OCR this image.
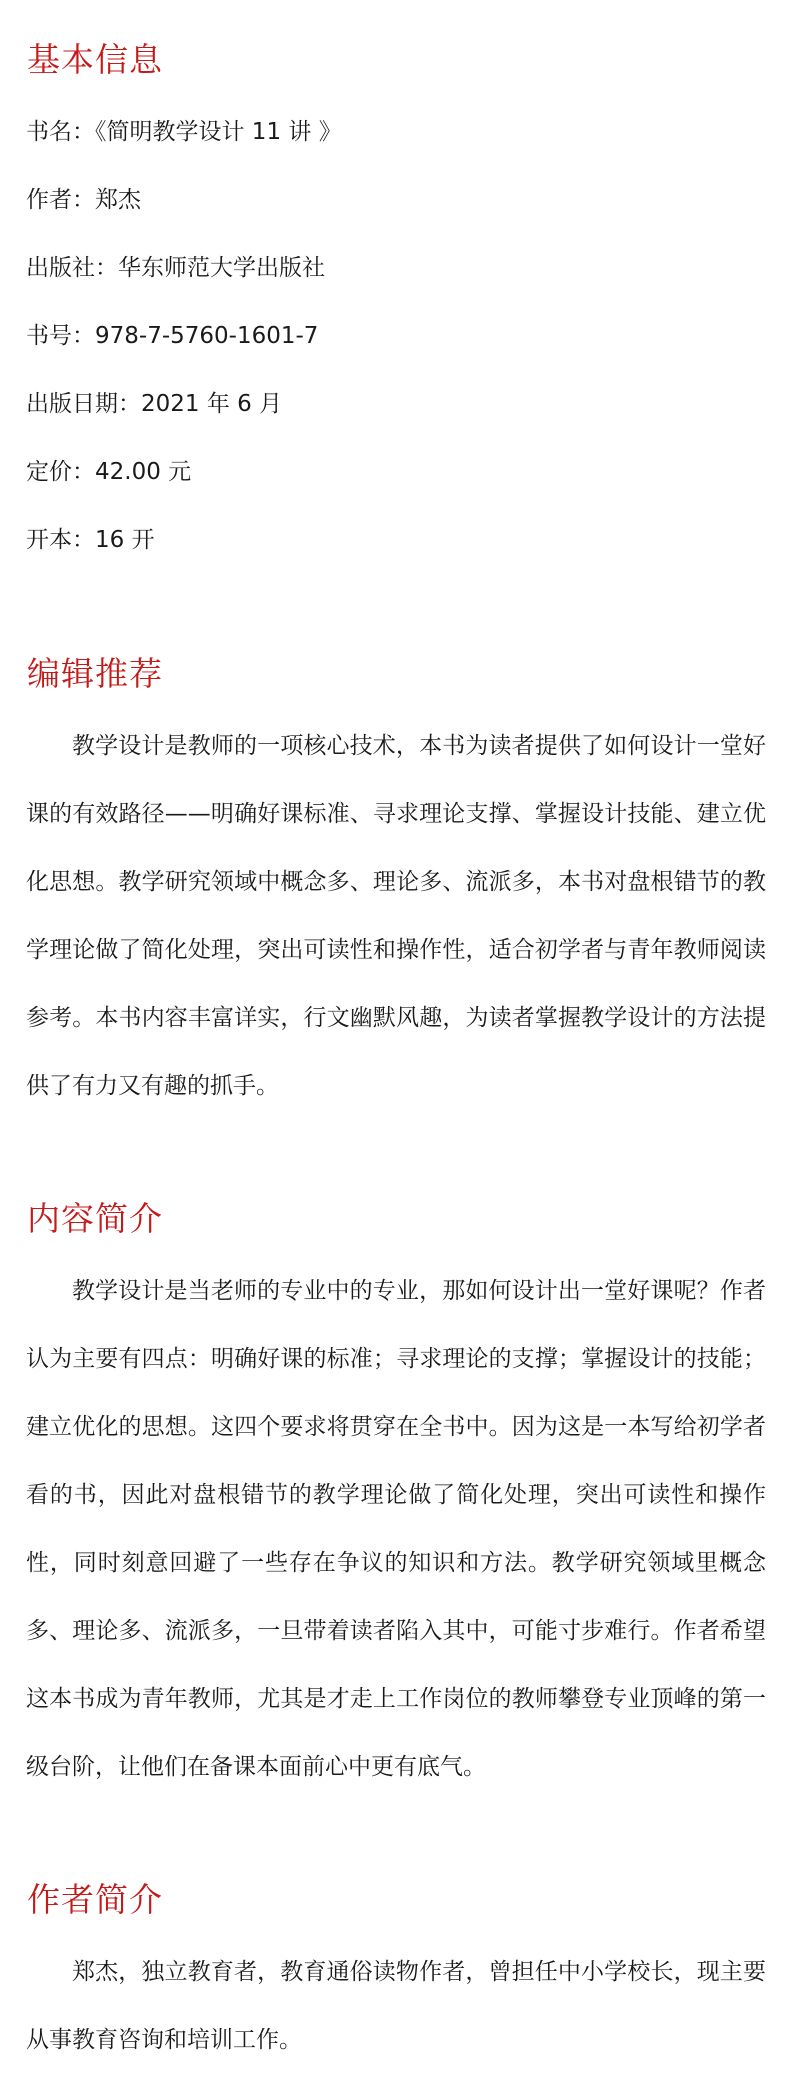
基本信息

书名：《简明教学设计 11 讲 》

作者：郑杰

出版社：华东师范大学出版社

书号：978-7-5760-1601-7

出版日期：2021 年 6 月

定价：42.00 元

开本：16 开

编辑推荐

教学设计是教师的一项核心技术，本书为读者提供了如何设计一堂好课的有效路径——明确好课标准、寻求理论支撑、掌握设计技能、建立优化思想。教学研究领域中概念多、理论多、流派多，本书对盘根错节的教学理论做了简化处理，突出可读性和操作性，适合初学者与青年教师阅读参考。本书内容丰富详实，行文幽默风趣，为读者掌握教学设计的方法提供了有力又有趣的抓手。

内容简介

教学设计是当老师的专业中的专业，那如何设计出一堂好课呢？作者认为主要有四点：明确好课的标准；寻求理论的支撑；掌握设计的技能；建立优化的思想。这四个要求将贯穿在全书中。因为这是一本写给初学者看的书，因此对盘根错节的教学理论做了简化处理，突出可读性和操作性，同时刻意回避了一些存在争议的知识和方法。教学研究领域里概念多、理论多、流派多，一旦带着读者陷入其中，可能寸步难行。作者希望这本书成为青年教师，尤其是才走上工作岗位的教师攀登专业顶峰的第一级台阶，让他们在备课本面前心中更有底气。

作者简介

郑杰，独立教育者，教育通俗读物作者，曾担任中小学校长，现主要从事教育咨询和培训工作。
